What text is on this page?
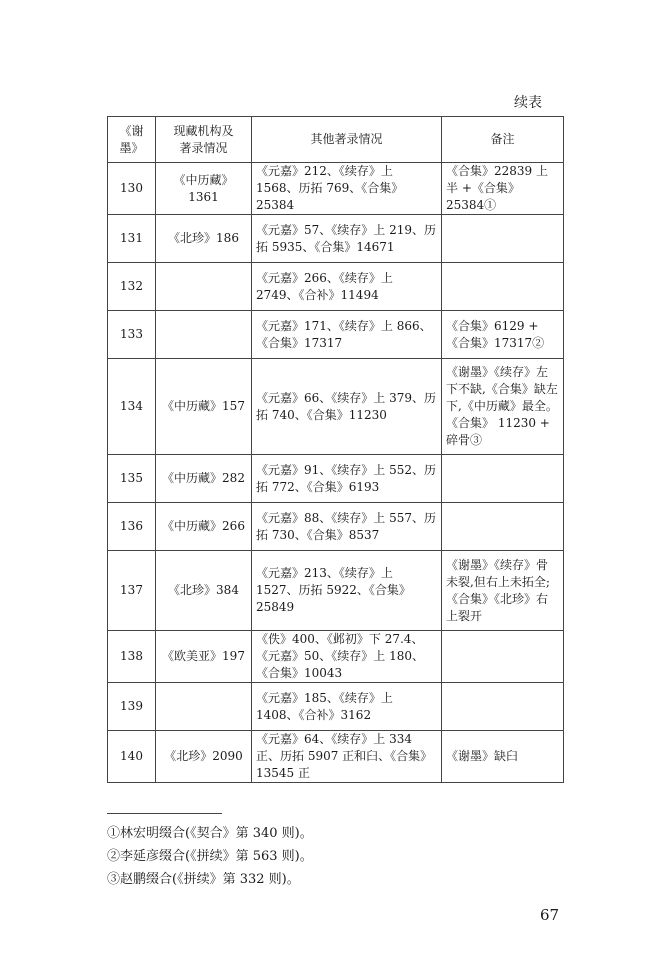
续表
《谢墨》	现藏机构及著录情况	其他著录情况	备注
130	《中历藏》1361	《元嘉》212、《续存》上 1568、历拓 769、《合集》25384	《合集》22839 上半 +《合集》25384①
131	《北珍》186	《元嘉》57、《续存》上 219、历拓 5935、《合集》14671	
132		《元嘉》266、《续存》上 2749、《合补》11494	
133		《元嘉》171、《续存》上 866、《合集》17317	《合集》6129 +《合集》17317②
134	《中历藏》157	《元嘉》66、《续存》上 379、历拓 740、《合集》11230	《谢墨》《续存》左下不缺,《合集》缺左下,《中历藏》最全。《合集》 11230 + 碎骨③
135	《中历藏》282	《元嘉》91、《续存》上 552、历拓 772、《合集》6193	
136	《中历藏》266	《元嘉》88、《续存》上 557、历拓 730、《合集》8537	
137	《北珍》384	《元嘉》213、《续存》上 1527、历拓 5922、《合集》25849	《谢墨》《续存》骨未裂,但右上未拓全;《合集》《北珍》右上裂开
138	《欧美亚》197	《佚》400、《邺初》下 27.4、《元嘉》50、《续存》上 180、《合集》10043	
139		《元嘉》185、《续存》上 1408、《合补》3162	
140	《北珍》2090	《元嘉》64、《续存》上 334 正、历拓 5907 正和臼、《合集》13545 正	《谢墨》缺臼
①林宏明缀合(《契合》第 340 则)。
②李延彦缀合(《拼续》第 563 则)。
③赵鹏缀合(《拼续》第 332 则)。
67
